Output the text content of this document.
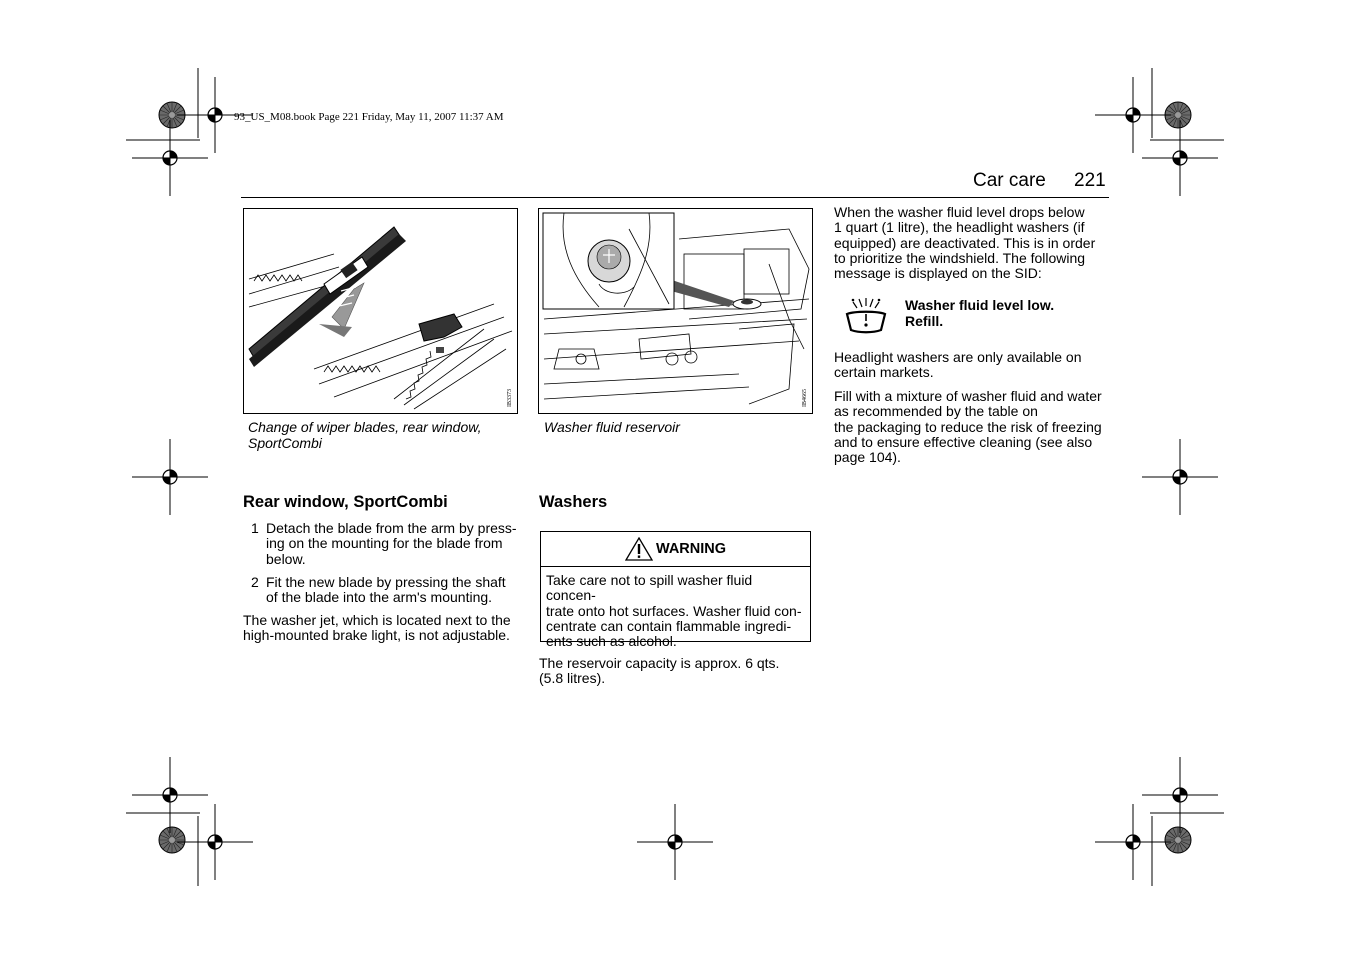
93_US_M08.book Page 221 Friday, May 11, 2007 11:37 AM
Car care 221
IB3373
Change of wiper blades, rear window,
SportCombi
IB4665
Washer fluid reservoir
Rear window, SportCombi
1 Detach the blade from the arm by press-
ing on the mounting for the blade from
below.
2 Fit the new blade by pressing the shaft
of the blade into the arm's mounting.
The washer jet, which is located next to the
high-mounted brake light, is not adjustable.
Washers
WARNING
Take care not to spill washer fluid concen-
trate onto hot surfaces. Washer fluid con-
centrate can contain flammable ingredi-
ents such as alcohol.
The reservoir capacity is approx. 6 qts.
(5.8 litres).
When the washer fluid level drops below
1 quart (1 litre), the headlight washers (if
equipped) are deactivated. This is in order
to prioritize the windshield. The following
message is displayed on the SID:
Washer fluid level low.
Refill.
Headlight washers are only available on
certain markets.
Fill with a mixture of washer fluid and water
as recommended by the table on
the packaging to reduce the risk of freezing
and to ensure effective cleaning (see also
page 104).
